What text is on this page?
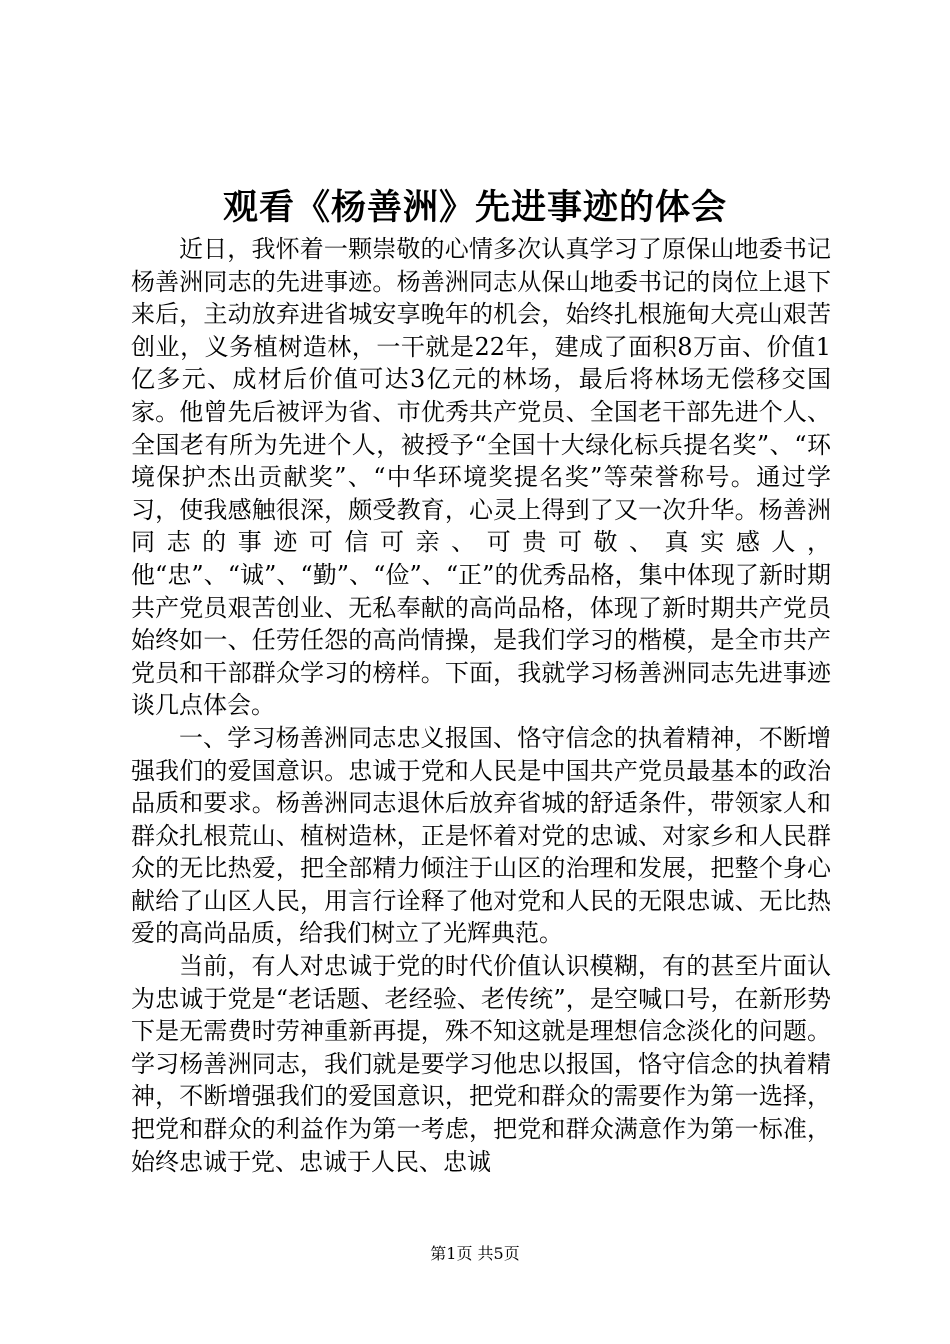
观看《杨善洲》先进事迹的体会

近日，我怀着一颗崇敬的心情多次认真学习了原保山地委书记杨善洲同志的先进事迹。杨善洲同志从保山地委书记的岗位上退下来后，主动放弃进省城安享晚年的机会，始终扎根施甸大亮山艰苦创业，义务植树造林，一干就是22年，建成了面积8万亩、价值1亿多元、成材后价值可达3亿元的林场，最后将林场无偿移交国家。他曾先后被评为省、市优秀共产党员、全国老干部先进个人、全国老有所为先进个人，被授予“全国十大绿化标兵提名奖”、“环境保护杰出贡献奖”、“中华环境奖提名奖”等荣誉称号。通过学习，使我感触很深，颇受教育，心灵上得到了又一次升华。杨善洲同志的事迹可信可亲、可贵可敬、真实感人，他“忠”、“诚”、“勤”、“俭”、“正”的优秀品格，集中体现了新时期共产党员艰苦创业、无私奉献的高尚品格，体现了新时期共产党员始终如一、任劳任怨的高尚情操，是我们学习的楷模，是全市共产党员和干部群众学习的榜样。下面，我就学习杨善洲同志先进事迹谈几点体会。

一、学习杨善洲同志忠义报国、恪守信念的执着精神，不断增强我们的爱国意识。忠诚于党和人民是中国共产党员最基本的政治品质和要求。杨善洲同志退休后放弃省城的舒适条件，带领家人和群众扎根荒山、植树造林，正是怀着对党的忠诚、对家乡和人民群众的无比热爱，把全部精力倾注于山区的治理和发展，把整个身心献给了山区人民，用言行诠释了他对党和人民的无限忠诚、无比热爱的高尚品质，给我们树立了光辉典范。

当前，有人对忠诚于党的时代价值认识模糊，有的甚至片面认为忠诚于党是“老话题、老经验、老传统”，是空喊口号，在新形势下是无需费时劳神重新再提，殊不知这就是理想信念淡化的问题。学习杨善洲同志，我们就是要学习他忠以报国，恪守信念的执着精神，不断增强我们的爱国意识，把党和群众的需要作为第一选择，把党和群众的利益作为第一考虑，把党和群众满意作为第一标准，始终忠诚于党、忠诚于人民、忠诚

第1页 共5页
